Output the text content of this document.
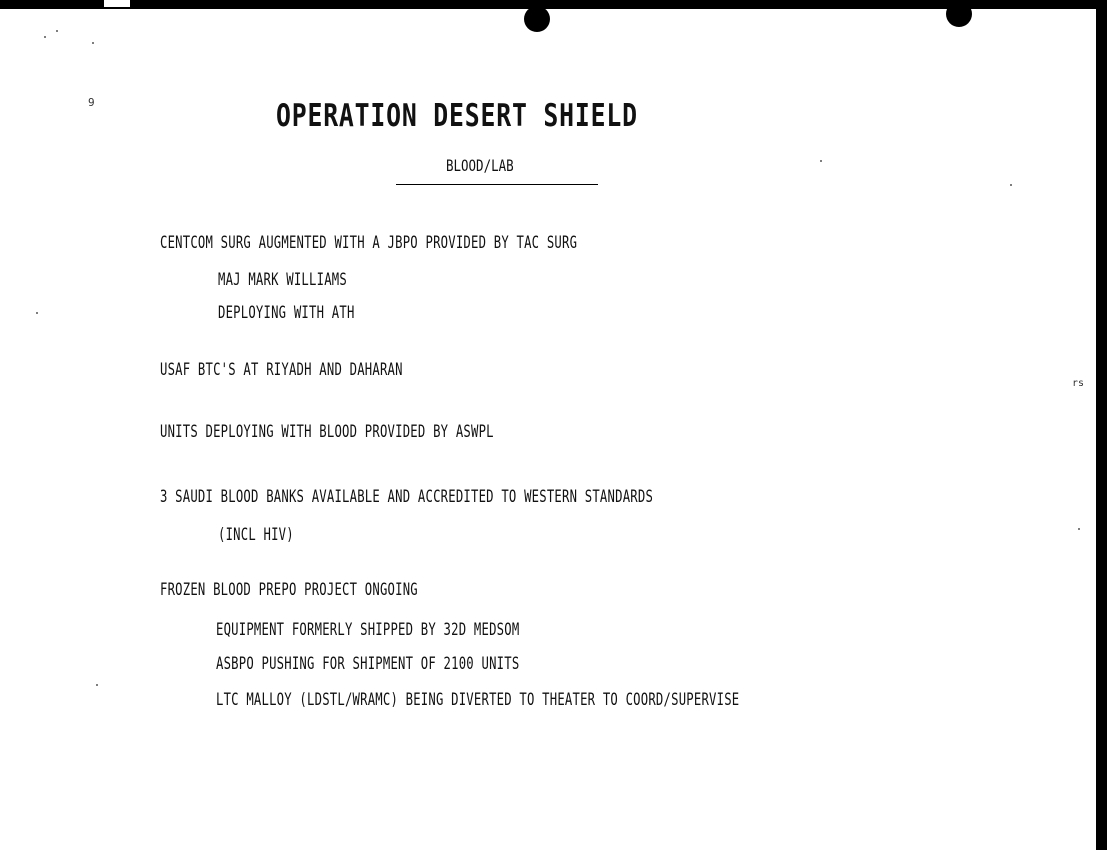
9
rs
OPERATION DESERT SHIELD
BLOOD/LAB
CENTCOM SURG AUGMENTED WITH A JBPO PROVIDED BY TAC SURG
MAJ MARK WILLIAMS
DEPLOYING WITH ATH
USAF BTC'S AT RIYADH AND DAHARAN
UNITS DEPLOYING WITH BLOOD PROVIDED BY ASWPL
3 SAUDI BLOOD BANKS AVAILABLE AND ACCREDITED TO WESTERN STANDARDS
(INCL HIV)
FROZEN BLOOD PREPO PROJECT ONGOING
EQUIPMENT FORMERLY SHIPPED BY 32D MEDSOM
ASBPO PUSHING FOR SHIPMENT OF 2100 UNITS
LTC MALLOY (LDSTL/WRAMC) BEING DIVERTED TO THEATER TO COORD/SUPERVISE
